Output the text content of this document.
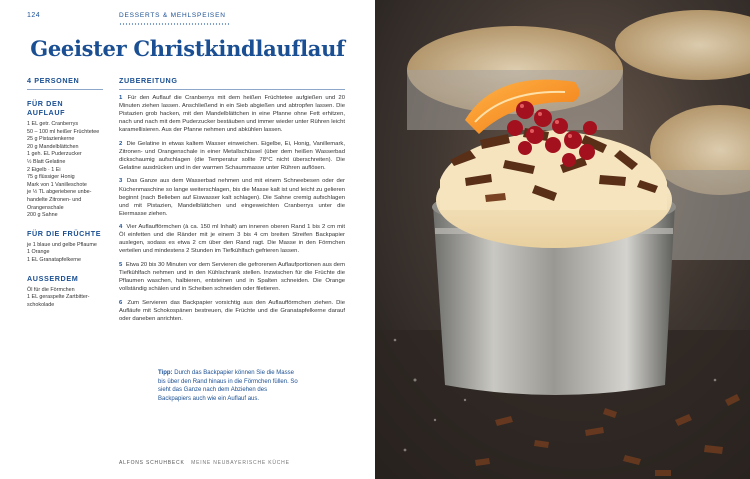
124	DESSERTS & MEHLSPEISEN
Geeister Christkindlauflauf
4 PERSONEN
FÜR DEN AUFLAUF
1 EL getr. Cranberrys
50 – 100 ml heißer Früchtetee
25 g Pistazienkerne
20 g Mandelblättchen
1 geh. EL Puderzucker
½ Blatt Gelatine
2 Eigelb · 1 Ei
75 g flüssiger Honig
Mark von 1 Vanilleschote
je ½ TL abgeriebene unbe-
handelte Zitronen- und
Orangenschale
200 g Sahne
FÜR DIE FRÜCHTE
je 1 blaue und gelbe Pflaume
1 Orange
1 EL Granatapfelkerne
AUSSERDEM
Öl für die Förmchen
1 EL geraspelte Zartbitter-
schokolade
ZUBEREITUNG

1 Für den Auflauf die Cranberrys mit dem heißen Früchtetee aufgießen und 20 Minuten ziehen lassen. Anschließend in ein Sieb abgießen und abtropfen lassen. Die Pistazien grob hacken, mit den Mandelblättchen in eine Pfanne ohne Fett erhitzen, nach und nach mit dem Puderzucker bestäuben und immer wieder unter Rühren leicht karamellisieren. Aus der Pfanne nehmen und abkühlen lassen.

2 Die Gelatine in etwas kaltem Wasser einweichen. Eigelbe, Ei, Honig, Vanillemark, Zitronen- und Orangenschale in einer Metallschüssel (über dem heißen Wasserbad dickschaumig aufschlagen (die Temperatur sollte 78°C nicht überschreiten). Die Gelatine ausdrücken und in der warmen Schaummasse unter Rühren auflösen.

3 Das Ganze aus dem Wasserbad nehmen und mit einem Schneebesen oder der Küchenmaschine so lange weiterschlagen, bis die Masse kalt ist und leicht zu gelieren beginnt (nach Belieben auf Eiswasser kalt schlagen). Die Sahne cremig aufschlagen und mit Pistazien, Mandelblättchen und eingeweichten Cranberrys unter die Eiermasse ziehen.

4 Vier Auflaufförmchen (à ca. 150 ml Inhalt) am inneren oberen Rand 1 bis 2 cm mit Öl einfetten und die Ränder mit je einem 3 bis 4 cm breiten Streifen Backpapier auslegen, sodass es etwa 2 cm über den Rand ragt. Die Masse in den Förmchen verteilen und mindestens 2 Stunden im Tiefkühlfach gefrieren lassen.

5 Etwa 20 bis 30 Minuten vor dem Servieren die gefrorenen Auflaufportionen aus dem Tiefkühlfach nehmen und in den Kühlschrank stellen. Inzwischen für die Früchte die Pflaumen waschen, halbieren, entsteinen und in Spalten schneiden. Die Orange vollständig schälen und in Scheiben schneiden oder filetieren.

6 Zum Servieren das Backpapier vorsichtig aus den Auflaufförmchen ziehen. Die Aufläufe mit Schokospänen bestreuen, die Früchte und die Granatapfelkerne darauf oder daneben anrichten.

Tipp: Durch das Backpapier können Sie die Masse bis über den Rand hinaus in die Förmchen füllen. So sieht das Ganze nach dem Abziehen des Backpapiers auch wie ein Auflauf aus.
ALFONS SCHUHBECK MEINE NEUBAYERISCHE KÜCHE
